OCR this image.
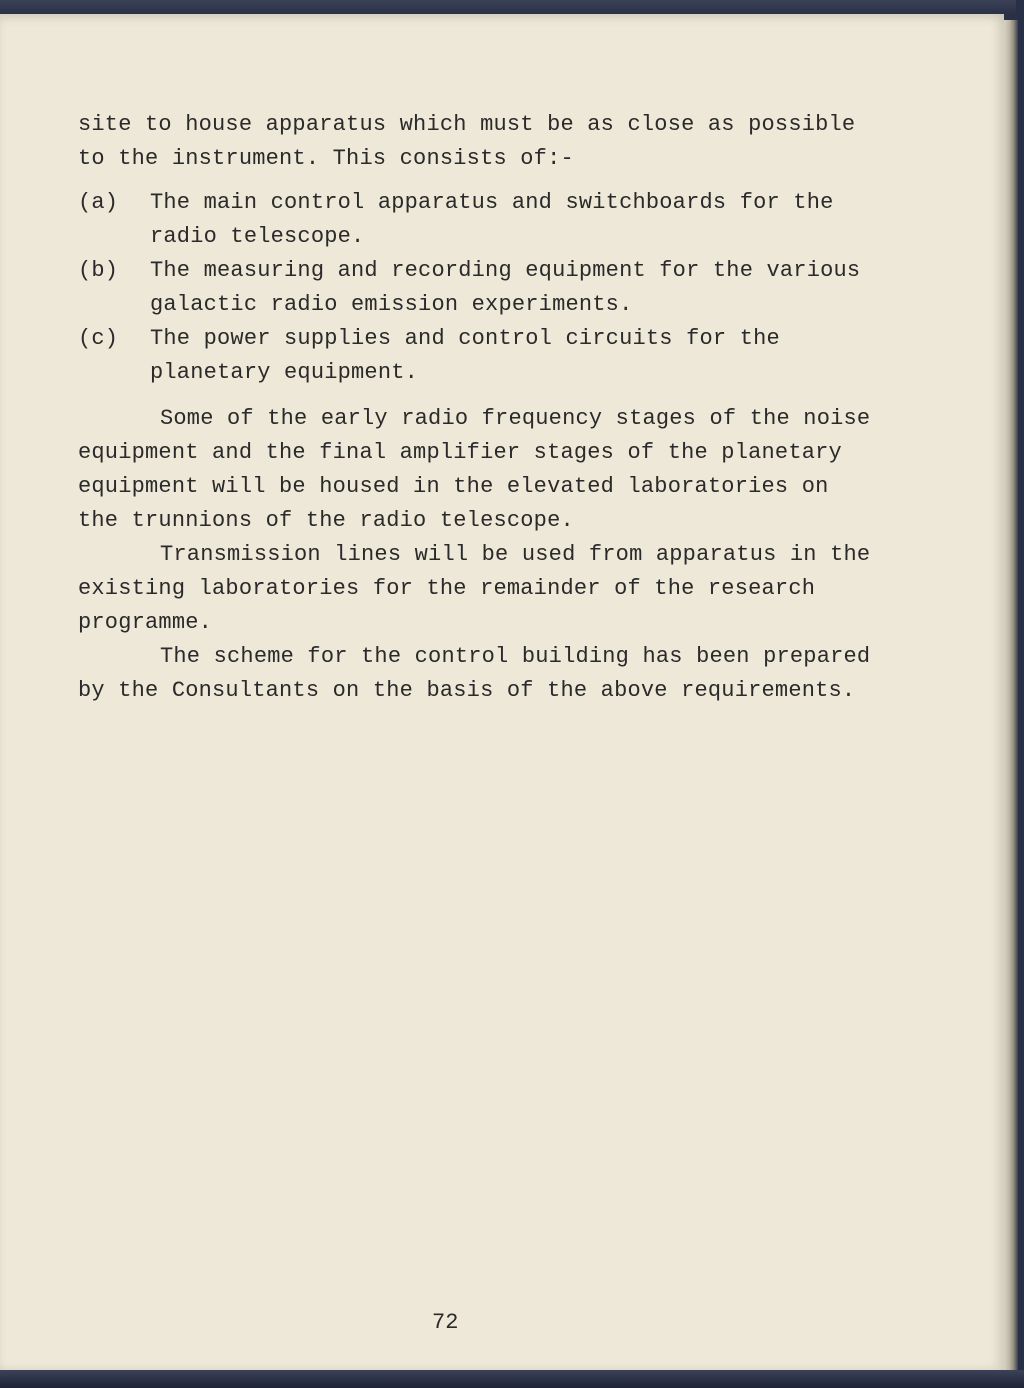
site to house apparatus which must be as close as possible
to the instrument. This consists of:-
(a)	The main control apparatus and switchboards for the
radio telescope.
(b)	The measuring and recording equipment for the various
galactic radio emission experiments.
(c)	The power supplies and control circuits for the
planetary equipment.
Some of the early radio frequency stages of the noise
equipment and the final amplifier stages of the planetary
equipment will be housed in the elevated laboratories on
the trunnions of the radio telescope.
Transmission lines will be used from apparatus in the
existing laboratories for the remainder of the research
programme.
The scheme for the control building has been prepared
by the Consultants on the basis of the above requirements.
72
